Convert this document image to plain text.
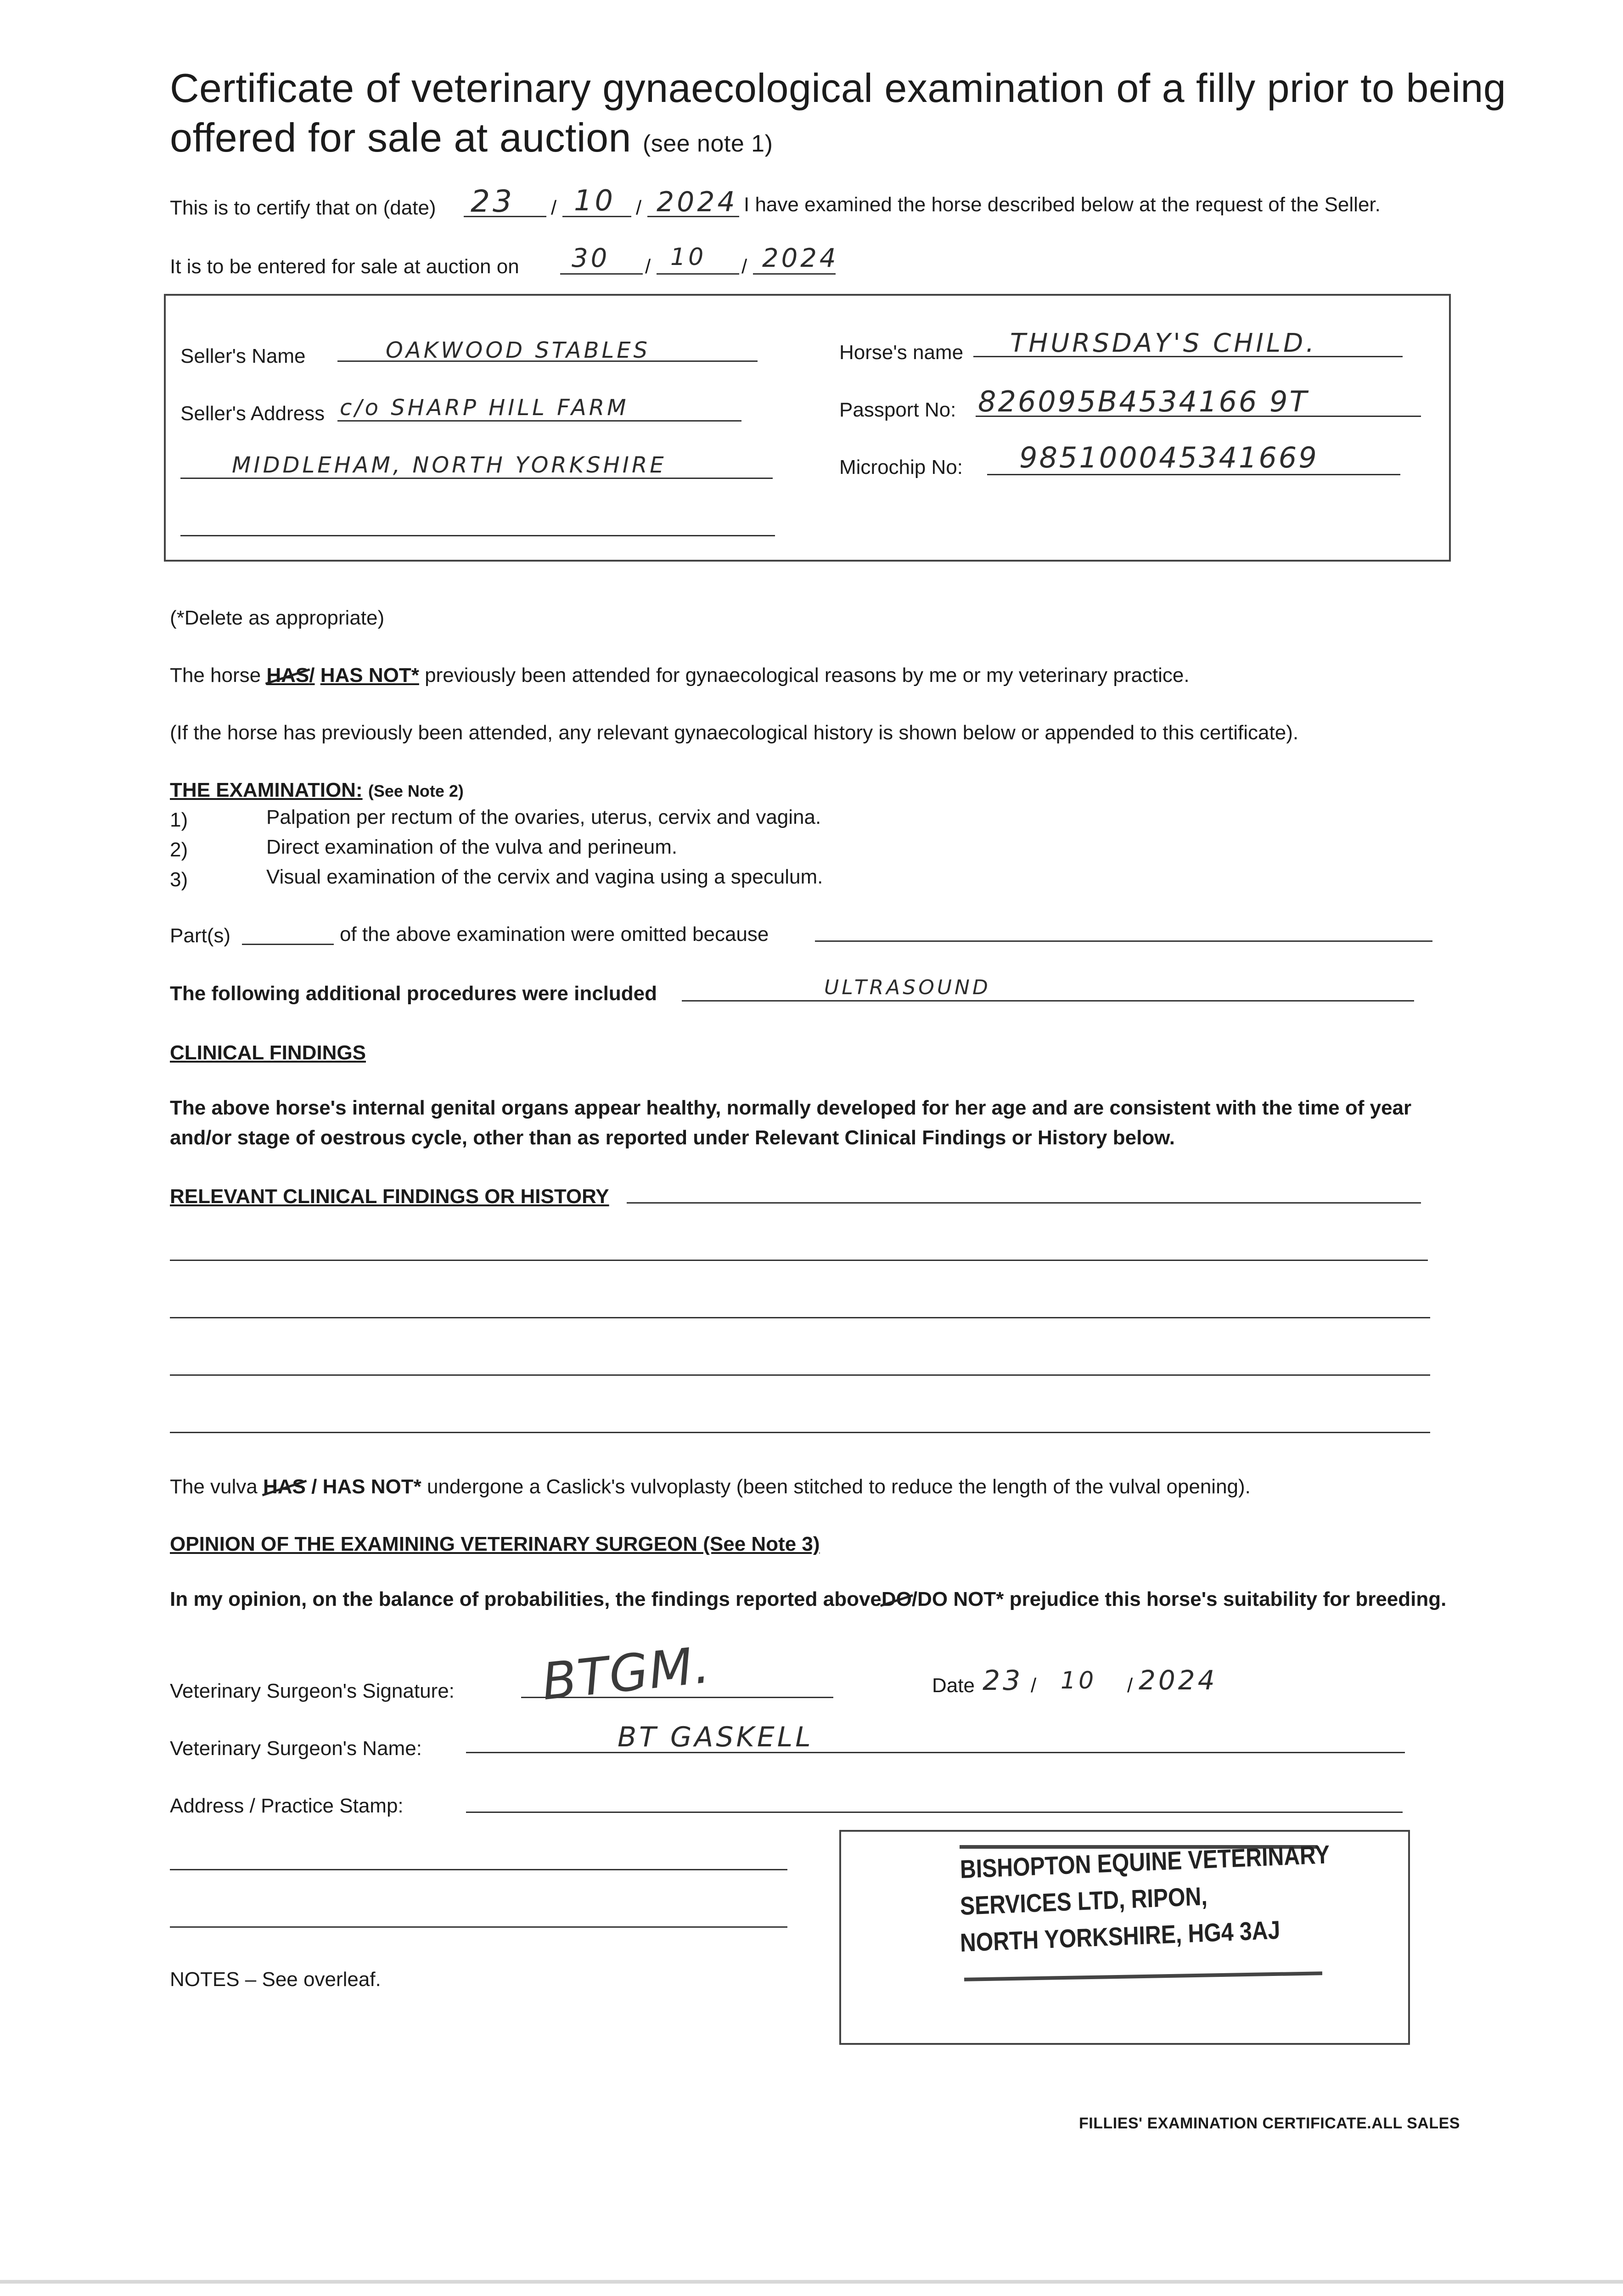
Certificate of veterinary gynaecological examination of a filly prior to being offered for sale at auction (see note 1)
This is to certify that on (date) 23 / 10 / 2024 I have examined the horse described below at the request of the Seller.
It is to be entered for sale at auction on 30 / 10 / 2024
Seller's Name	OAKWOOD STABLES
Seller's Address c/o SHARP HILL FARM
MIDDLEHAM, NORTH YORKSHIRE
Horse's name THURSDAY'S CHILD.
Passport No: 826095B4534166 9T
Microchip No: 985100045341669
(*Delete as appropriate)
The horse HAS/ HAS NOT* previously been attended for gynaecological reasons by me or my veterinary practice.
(If the horse has previously been attended, any relevant gynaecological history is shown below or appended to this certificate).
THE EXAMINATION: (See Note 2)
1)	Palpation per rectum of the ovaries, uterus, cervix and vagina.
2)	Direct examination of the vulva and perineum.
3)	Visual examination of the cervix and vagina using a speculum.
Part(s)	of the above examination were omitted because
The following additional procedures were included	ULTRASOUND
CLINICAL FINDINGS
The above horse's internal genital organs appear healthy, normally developed for her age and are consistent with the time of year and/or stage of oestrous cycle, other than as reported under Relevant Clinical Findings or History below.
RELEVANT CLINICAL FINDINGS OR HISTORY
The vulva HAS / HAS NOT* undergone a Caslick's vulvoplasty (been stitched to reduce the length of the vulval opening).
OPINION OF THE EXAMINING VETERINARY SURGEON (See Note 3)
In my opinion, on the balance of probabilities, the findings reported aboveDO/DO NOT* prejudice this horse's suitability for breeding.
Veterinary Surgeon's Signature: BTGM.	Date 23 / 10 / 2024
Veterinary Surgeon's Name:	BT GASKELL
Address / Practice Stamp:
BISHOPTON EQUINE VETERINARY
SERVICES LTD, RIPON,
NORTH YORKSHIRE, HG4 3AJ
NOTES – See overleaf.
FILLIES' EXAMINATION CERTIFICATE.ALL SALES
